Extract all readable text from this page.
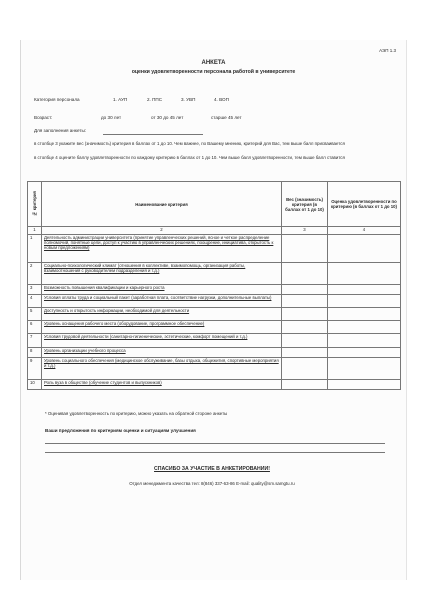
АЭП 1.3
АНКЕТА
оценки удовлетворенности персонала работой в университете
Категория персонала	1. АУП	2. ППС	3. УВП	4. ВОП
Возраст:	до 30 лет	от 30 до 45 лет	старше 45 лет
Для заполнения анкеты:
в столбце 3 укажите вес (значимость) критерия в баллах от 1 до 10. Чем важнее, по Вашему мнению, критерий для Вас, тем выше балл присваивается
в столбце 4 оцените баллу удовлетворенности по каждому критерию в баллах от 1 до 10. Чем выше балл удовлетворенности, тем выше балл ставится
№ критерия	Наименование критерия	Вес (значимость) критерия (в баллах от 1 до 10)	Оценка удовлетворенности по критерию (в баллах от 1 до 10)
1	2	3	4
1	Деятельность администрации университета (принятие управленческих решений, ясное и четкое распределение полномочий, понятные цели, доступ к участию в управленческих решениях, поощрение, инициатива, открытость к новым предложениям)		
2	Социально-психологический климат (отношения в коллективе, взаимопомощь, организация работы, взаимоотношения с руководителем подразделения и т.д.)		
3	Возможность повышения квалификации и карьерного роста		
4	Условия оплаты труда и социальный пакет (заработная плата, соответствие нагрузки, дополнительные выплаты)		
5	Доступность и открытость информации, необходимой для деятельности		
6	Уровень оснащения рабочего места (оборудование, программное обеспечение)		
7	Условия трудовой деятельности (санитарно-гигиенические, эстетические, комфорт помещений и т.д.)		
8	Уровень организации учебного процесса		
9	Уровень социального обеспечения (медицинское обслуживание, базы отдыха, общежития, спортивные мероприятия и т.д.)		
10	Роль вуза в обществе (обучение студентов и выпускников)		
* Оценивая удовлетворенность по критерию, можно указать на обратной стороне анкеты
Ваши предложения по критериям оценки и ситуациям улучшения
СПАСИБО ЗА УЧАСТИЕ В АНКЕТИРОВАНИИ!
Отдел менеджмента качества тел: 8(846) 337-63-86 E-mail: quality@sm.samgtu.ru
